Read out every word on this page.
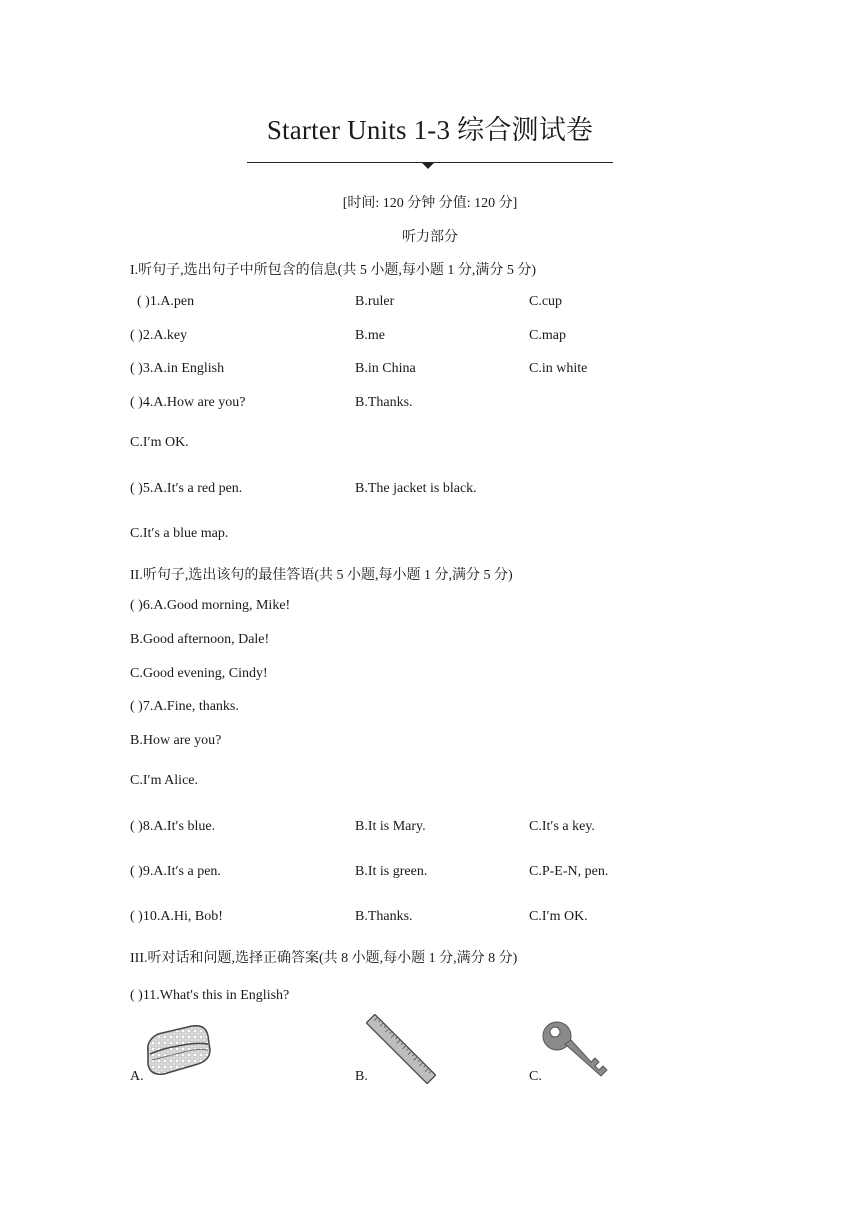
Starter Units 1-3 综合测试卷
[时间: 120 分钟 分值: 120 分]
听力部分
I.听句子,选出句子中所包含的信息(共 5 小题,每小题 1 分,满分 5 分)
( )1.A.pen	B.ruler	C.cup
( )2.A.key	B.me	C.map
( )3.A.in English	B.in China	C.in white
( )4.A.How are you?	B.Thanks.
C.I′m OK.
( )5.A.It′s a red pen.	B.The jacket is black.
C.It′s a blue map.
II.听句子,选出该句的最佳答语(共 5 小题,每小题 1 分,满分 5 分)
( )6.A.Good morning, Mike!
B.Good afternoon, Dale!
C.Good evening, Cindy!
( )7.A.Fine, thanks.
B.How are you?
C.I′m Alice.
( )8.A.It′s blue.	B.It is Mary.	C.It′s a key.
( )9.A.It′s a pen.	B.It is green.	C.P-E-N, pen.
( )10.A.Hi, Bob!	B.Thanks.	C.I′m OK.
III.听对话和问题,选择正确答案(共 8 小题,每小题 1 分,满分 8 分)
( )11.What′s this in English?
A.	B.	C.
